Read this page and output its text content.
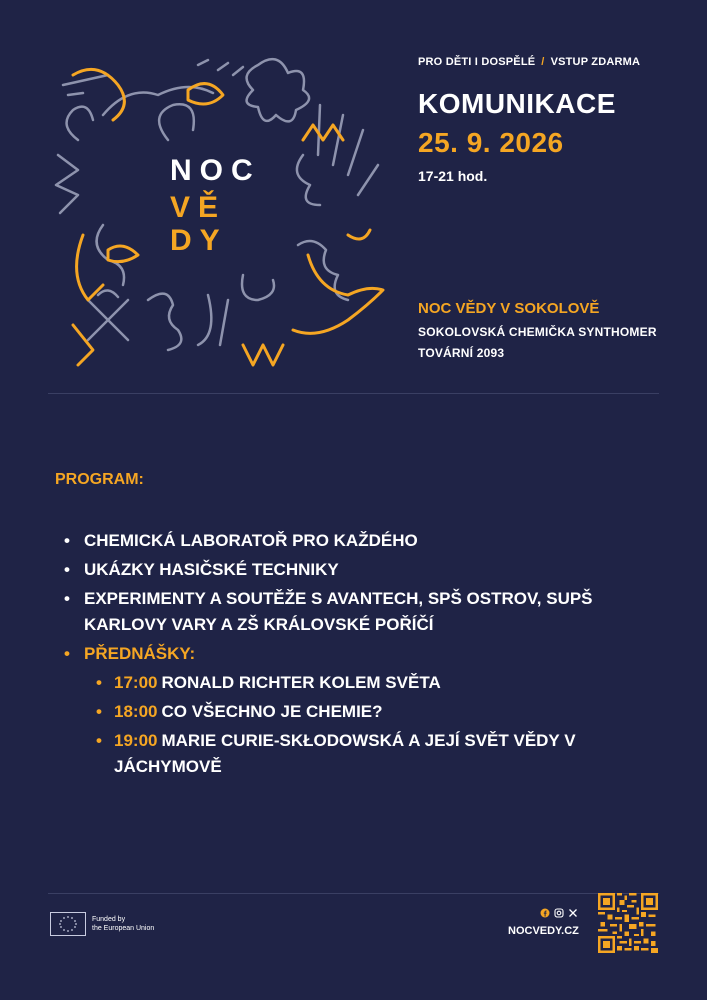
NOC
VĚ
DY
PRO DĚTI I DOSPĚLÉ / VSTUP ZDARMA
KOMUNIKACE
25. 9. 2026
17-21 hod.
NOC VĚDY V SOKOLOVĚ
SOKOLOVSKÁ CHEMIČKA SYNTHOMER
TOVÁRNÍ 2093
PROGRAM:
• CHEMICKÁ LABORATOŘ PRO KAŽDÉHO
• UKÁZKY HASIČSKÉ TECHNIKY
• EXPERIMENTY A SOUTĚŽE S AVANTECH, SPŠ OSTROV, SUPŠ KARLOVY VARY A ZŠ KRÁLOVSKÉ POŘÍČÍ
• PŘEDNÁŠKY:
• 17:00 RONALD RICHTER KOLEM SVĚTA
• 18:00 CO VŠECHNO JE CHEMIE?
• 19:00 MARIE CURIE-SKŁODOWSKÁ A JEJÍ SVĚT VĚDY V JÁCHYMOVĚ
Funded by
the European Union	NOCVEDY.CZ
